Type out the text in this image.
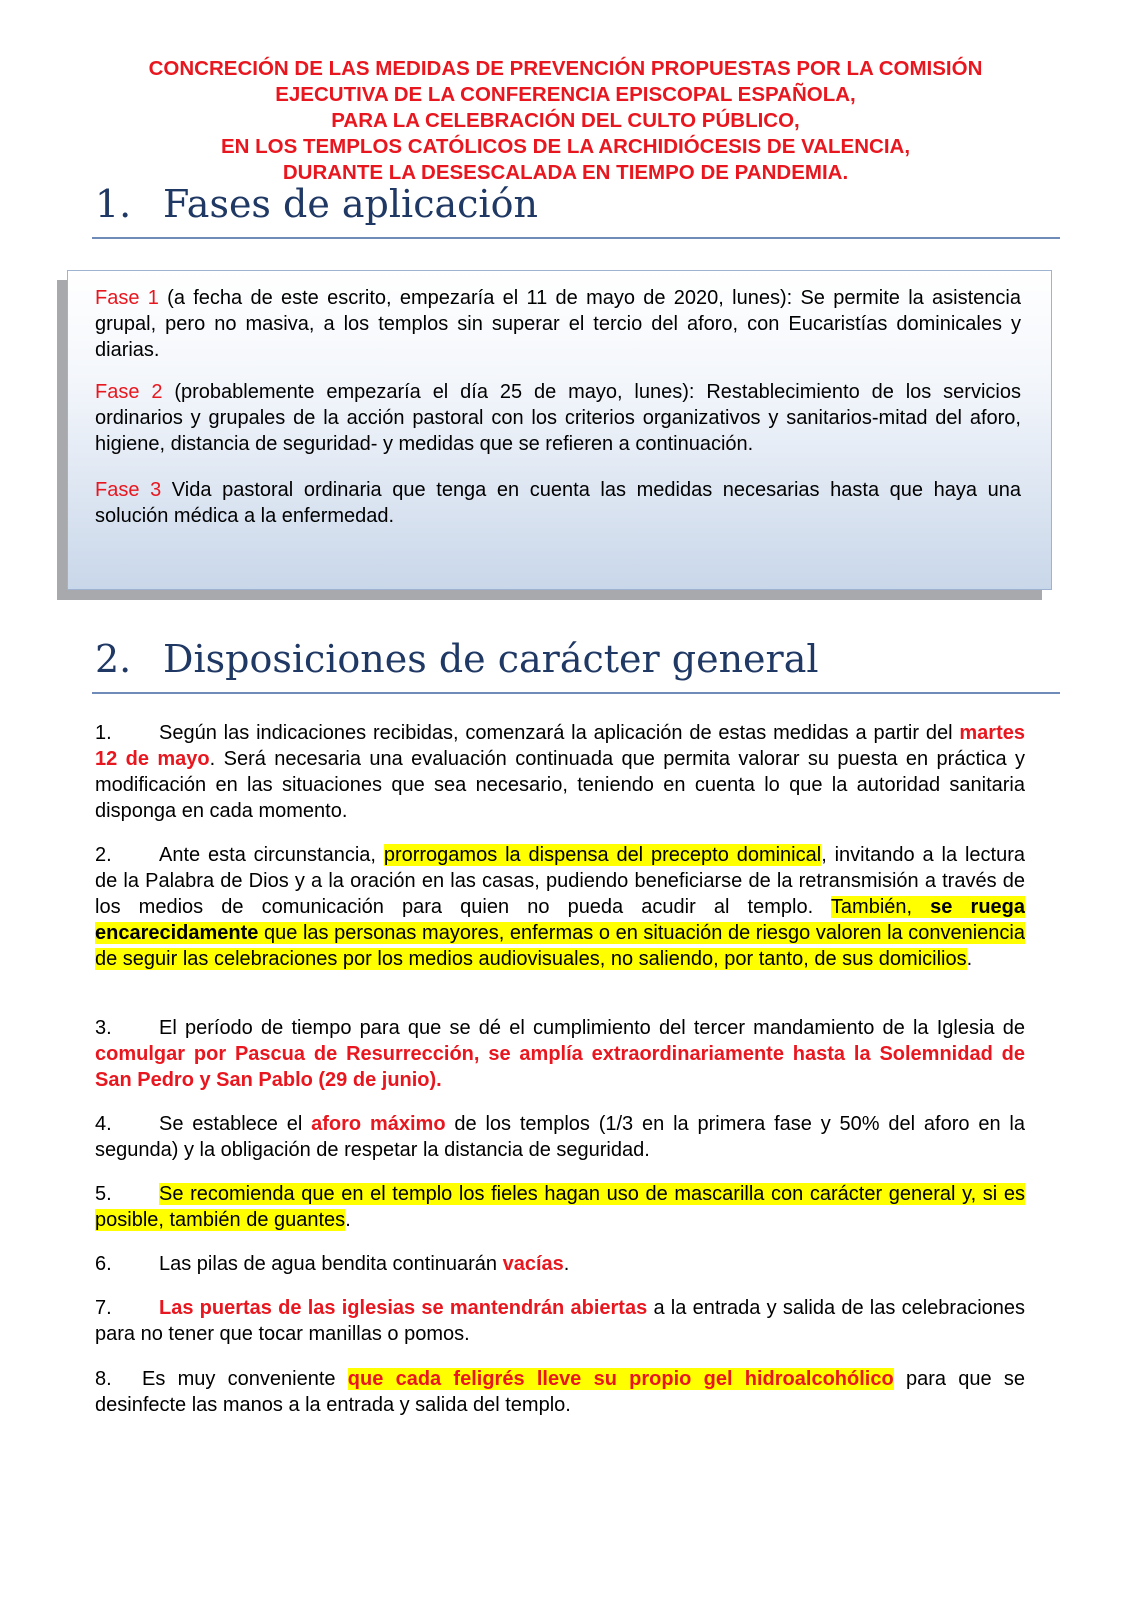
CONCRECIÓN DE LAS MEDIDAS DE PREVENCIÓN PROPUESTAS POR LA COMISIÓN
EJECUTIVA DE LA CONFERENCIA EPISCOPAL ESPAÑOLA,
PARA LA CELEBRACIÓN DEL CULTO PÚBLICO,
EN LOS TEMPLOS CATÓLICOS DE LA ARCHIDIÓCESIS DE VALENCIA,
DURANTE LA DESESCALADA EN TIEMPO DE PANDEMIA.
1. Fases de aplicación

Fase 1 (a fecha de este escrito, empezaría el 11 de mayo de 2020, lunes): Se permite la asistencia grupal, pero no masiva, a los templos sin superar el tercio del aforo, con Eucaristías dominicales y diarias.

Fase 2 (probablemente empezaría el día 25 de mayo, lunes): Restablecimiento de los servicios ordinarios y grupales de la acción pastoral con los criterios organizativos y sanitarios-mitad del aforo, higiene, distancia de seguridad- y medidas que se refieren a continuación.

Fase 3 Vida pastoral ordinaria que tenga en cuenta las medidas necesarias hasta que haya una solución médica a la enfermedad.

2. Disposiciones de carácter general

1. Según las indicaciones recibidas, comenzará la aplicación de estas medidas a partir del martes 12 de mayo. Será necesaria una evaluación continuada que permita valorar su puesta en práctica y modificación en las situaciones que sea necesario, teniendo en cuenta lo que la autoridad sanitaria disponga en cada momento.

2. Ante esta circunstancia, prorrogamos la dispensa del precepto dominical, invitando a la lectura de la Palabra de Dios y a la oración en las casas, pudiendo beneficiarse de la retransmisión a través de los medios de comunicación para quien no pueda acudir al templo. También, se ruega encarecidamente que las personas mayores, enfermas o en situación de riesgo valoren la conveniencia de seguir las celebraciones por los medios audiovisuales, no saliendo, por tanto, de sus domicilios.

3. El período de tiempo para que se dé el cumplimiento del tercer mandamiento de la Iglesia de comulgar por Pascua de Resurrección, se amplía extraordinariamente hasta la Solemnidad de San Pedro y San Pablo (29 de junio).

4. Se establece el aforo máximo de los templos (1/3 en la primera fase y 50% del aforo en la segunda) y la obligación de respetar la distancia de seguridad.

5. Se recomienda que en el templo los fieles hagan uso de mascarilla con carácter general y, si es posible, también de guantes.

6. Las pilas de agua bendita continuarán vacías.

7. Las puertas de las iglesias se mantendrán abiertas a la entrada y salida de las celebraciones para no tener que tocar manillas o pomos.

8. Es muy conveniente que cada feligrés lleve su propio gel hidroalcohólico para que se desinfecte las manos a la entrada y salida del templo.
